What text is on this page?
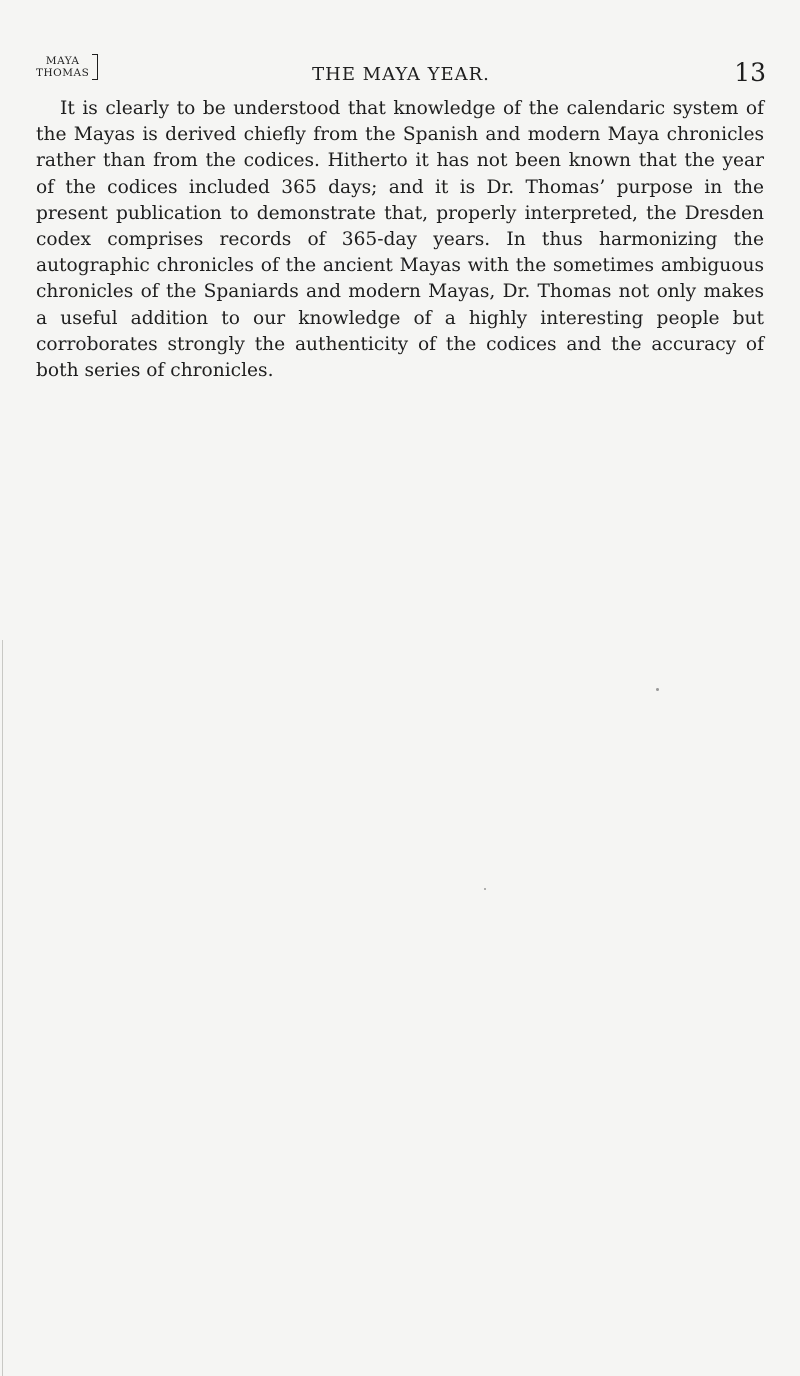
MAYA
THOMAS	THE MAYA YEAR.	13

It is clearly to be understood that knowledge of the calendaric system of the Mayas is derived chiefly from the Spanish and modern Maya chronicles rather than from the codices. Hitherto it has not been known that the year of the codices included 365 days; and it is Dr. Thomas’ purpose in the present publication to demonstrate that, properly interpreted, the Dresden codex comprises records of 365-day years. In thus harmonizing the autographic chronicles of the ancient Mayas with the sometimes ambiguous chronicles of the Spaniards and modern Mayas, Dr. Thomas not only makes a useful addition to our knowledge of a highly interesting people but corroborates strongly the authenticity of the codices and the accuracy of both series of chronicles.
